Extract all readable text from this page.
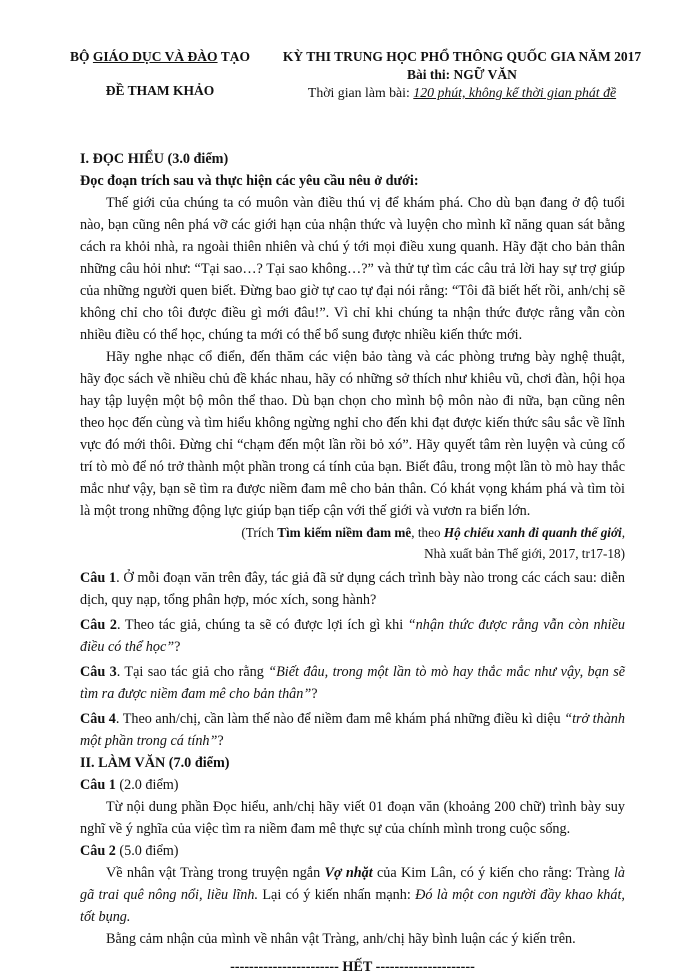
BỘ GIÁO DỤC VÀ ĐÀO TẠO
ĐỀ THAM KHẢO
KỲ THI TRUNG HỌC PHỔ THÔNG QUỐC GIA NĂM 2017
Bài thi: NGỮ VĂN
Thời gian làm bài: 120 phút, không kể thời gian phát đề

I. ĐỌC HIỂU (3.0 điểm)

Đọc đoạn trích sau và thực hiện các yêu cầu nêu ở dưới:

Thế giới của chúng ta có muôn vàn điều thú vị để khám phá. Cho dù bạn đang ở độ tuổi nào, bạn cũng nên phá vỡ các giới hạn của nhận thức và luyện cho mình kĩ năng quan sát bằng cách ra khỏi nhà, ra ngoài thiên nhiên và chú ý tới mọi điều xung quanh. Hãy đặt cho bản thân những câu hỏi như: “Tại sao…? Tại sao không…?” và thử tự tìm các câu trả lời hay sự trợ giúp của những người quen biết. Đừng bao giờ tự cao tự đại nói rằng: “Tôi đã biết hết rồi, anh/chị sẽ không chỉ cho tôi được điều gì mới đâu!”. Vì chỉ khi chúng ta nhận thức được rằng vẫn còn nhiều điều có thể học, chúng ta mới có thể bổ sung được nhiều kiến thức mới.

Hãy nghe nhạc cổ điển, đến thăm các viện bảo tàng và các phòng trưng bày nghệ thuật, hãy đọc sách về nhiều chủ đề khác nhau, hãy có những sở thích như khiêu vũ, chơi đàn, hội họa hay tập luyện một bộ môn thể thao. Dù bạn chọn cho mình bộ môn nào đi nữa, bạn cũng nên theo học đến cùng và tìm hiểu không ngừng nghỉ cho đến khi đạt được kiến thức sâu sắc về lĩnh vực đó mới thôi. Đừng chỉ “chạm đến một lần rồi bỏ xó”. Hãy quyết tâm rèn luyện và củng cố trí tò mò để nó trở thành một phần trong cá tính của bạn. Biết đâu, trong một lần tò mò hay thắc mắc như vậy, bạn sẽ tìm ra được niềm đam mê cho bản thân. Có khát vọng khám phá và tìm tòi là một trong những động lực giúp bạn tiếp cận với thế giới và vươn ra biển lớn.

(Trích Tìm kiếm niềm đam mê, theo Hộ chiếu xanh đi quanh thế giới,
Nhà xuất bản Thế giới, 2017, tr17-18)

Câu 1. Ở mỗi đoạn văn trên đây, tác giả đã sử dụng cách trình bày nào trong các cách sau: diễn dịch, quy nạp, tổng phân hợp, móc xích, song hành?

Câu 2. Theo tác giả, chúng ta sẽ có được lợi ích gì khi “nhận thức được rằng vẫn còn nhiều điều có thể học”?

Câu 3. Tại sao tác giả cho rằng “Biết đâu, trong một lần tò mò hay thắc mắc như vậy, bạn sẽ tìm ra được niềm đam mê cho bản thân”?

Câu 4. Theo anh/chị, cần làm thế nào để niềm đam mê khám phá những điều kì diệu “trở thành một phần trong cá tính”?

II. LÀM VĂN (7.0 điểm)

Câu 1 (2.0 điểm)

Từ nội dung phần Đọc hiểu, anh/chị hãy viết 01 đoạn văn (khoảng 200 chữ) trình bày suy nghĩ về ý nghĩa của việc tìm ra niềm đam mê thực sự của chính mình trong cuộc sống.

Câu 2 (5.0 điểm)

Về nhân vật Tràng trong truyện ngắn Vợ nhặt của Kim Lân, có ý kiến cho rằng: Tràng là gã trai quê nông nổi, liều lĩnh. Lại có ý kiến nhấn mạnh: Đó là một con người đầy khao khát, tốt bụng.

Bằng cảm nhận của mình về nhân vật Tràng, anh/chị hãy bình luận các ý kiến trên.

----------------------- HẾT ---------------------
